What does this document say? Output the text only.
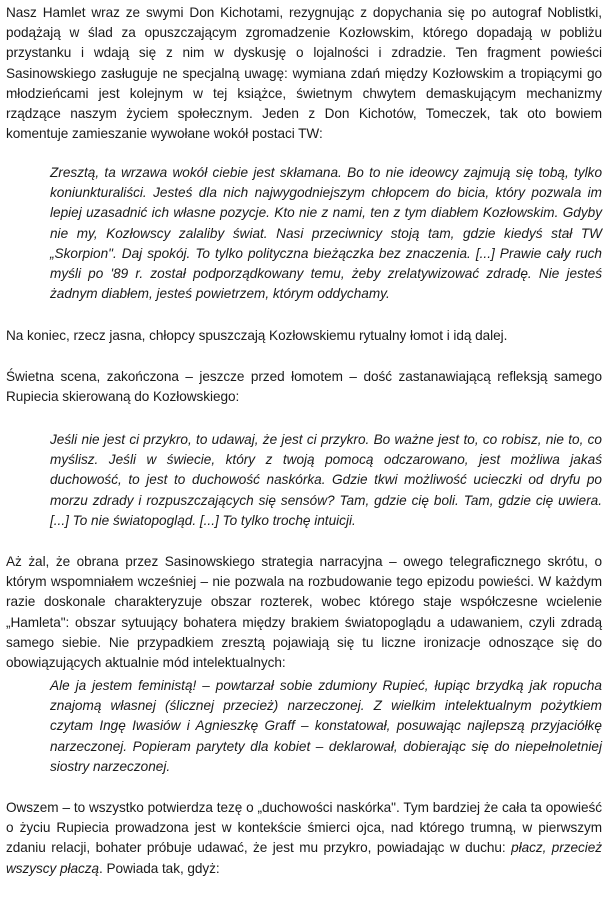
Nasz Hamlet wraz ze swymi Don Kichotami, rezygnując z dopychania się po autograf Noblistki, podążają w ślad za opuszczającym zgromadzenie Kozłowskim, którego dopadają w pobliżu przystanku i wdają się z nim w dyskusję o lojalności i zdradzie. Ten fragment powieści Sasinowskiego zasługuje ne specjalną uwagę: wymiana zdań między Kozłowskim a tropiącymi go młodzieńcami jest kolejnym w tej książce, świetnym chwytem demaskującym mechanizmy rządzące naszym życiem społecznym. Jeden z Don Kichotów, Tomeczek, tak oto bowiem komentuje zamieszanie wywołane wokół postaci TW:

Zresztą, ta wrzawa wokół ciebie jest skłamana. Bo to nie ideowcy zajmują się tobą, tylko koniunkturaliści. Jesteś dla nich najwygodniejszym chłopcem do bicia, który pozwala im lepiej uzasadnić ich własne pozycje. Kto nie z nami, ten z tym diabłem Kozłowskim. Gdyby nie my, Kozłowscy zalaliby świat. Nasi przeciwnicy stoją tam, gdzie kiedyś stał TW „Skorpion". Daj spokój. To tylko polityczna bieżączka bez znaczenia. [...] Prawie cały ruch myśli po '89 r. został podporządkowany temu, żeby zrelatywizować zdradę. Nie jesteś żadnym diabłem, jesteś powietrzem, którym oddychamy.

Na koniec, rzecz jasna, chłopcy spuszczają Kozłowskiemu rytualny łomot i idą dalej.

Świetna scena, zakończona – jeszcze przed łomotem – dość zastanawiającą refleksją samego Rupiecia skierowaną do Kozłowskiego:

Jeśli nie jest ci przykro, to udawaj, że jest ci przykro. Bo ważne jest to, co robisz, nie to, co myślisz. Jeśli w świecie, który z twoją pomocą odczarowano, jest możliwa jakaś duchowość, to jest to duchowość naskórka. Gdzie tkwi możliwość ucieczki od dryfu po morzu zdrady i rozpuszczających się sensów? Tam, gdzie cię boli. Tam, gdzie cię uwiera. [...] To nie światopogląd. [...] To tylko trochę intuicji.

Aż żal, że obrana przez Sasinowskiego strategia narracyjna – owego telegraficznego skrótu, o którym wspomniałem wcześniej – nie pozwala na rozbudowanie tego epizodu powieści. W każdym razie doskonale charakteryzuje obszar rozterek, wobec którego staje współczesne wcielenie „Hamleta": obszar sytuujący bohatera między brakiem światopoglądu a udawaniem, czyli zdradą samego siebie. Nie przypadkiem zresztą pojawiają się tu liczne ironizacje odnoszące się do obowiązujących aktualnie mód intelektualnych:

Ale ja jestem feministą! – powtarzał sobie zdumiony Rupieć, łupiąc brzydką jak ropucha znajomą własnej (ślicznej przecież) narzeczonej. Z wielkim intelektualnym pożytkiem czytam Ingę Iwasiów i Agnieszkę Graff – konstatował, posuwając najlepszą przyjaciółkę narzeczonej. Popieram parytety dla kobiet – deklarował, dobierając się do niepełnoletniej siostry narzeczonej.

Owszem – to wszystko potwierdza tezę o „duchowości naskórka". Tym bardziej że cała ta opowieść o życiu Rupiecia prowadzona jest w kontekście śmierci ojca, nad którego trumną, w pierwszym zdaniu relacji, bohater próbuje udawać, że jest mu przykro, powiadając w duchu: płacz, przecież wszyscy płaczą. Powiada tak, gdyż:
